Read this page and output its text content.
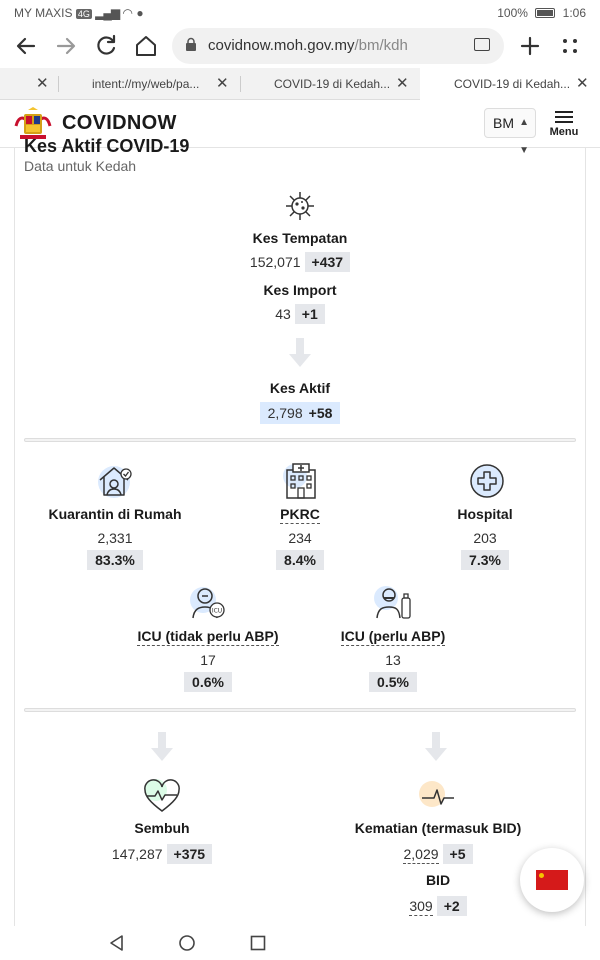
MY MAXIS 4G ▂▄▆ ◠ ●	100%	1:06
covidnow.moh.gov.my/bm/kdh
✕	intent://my/web/pa... ✕	COVID-19 di Kedah... ✕	COVID-19 di Kedah... ✕
COVIDNOW	BM ▲
▼
Menu
Kes Aktif COVID-19
Data untuk Kedah
Kes Tempatan
152,071 +437
Kes Import
43 +1
Kes Aktif
2,798 +58
Kuarantin di Rumah
2,331
83.3%
PKRC
234
8.4%
Hospital
203
7.3%
ICU
ICU (tidak perlu ABP)
17
0.6%
ICU (perlu ABP)
13
0.5%
Sembuh
147,287 +375
Kematian (termasuk BID)
2,029 +5
BID
309 +2
